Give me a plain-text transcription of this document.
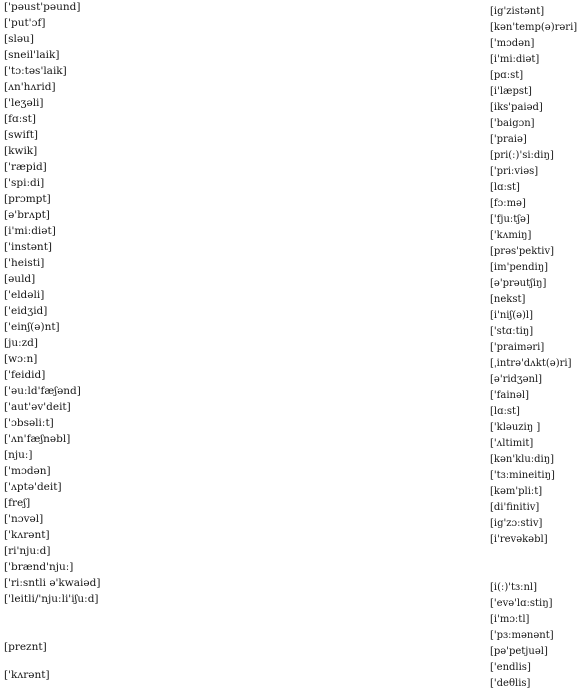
['pəust'pəund]
['put'ɔf]
[sləu]
[sneil'laik]
['tɔːtəs'laik]
[ʌn'hʌrid]
['leʒəli]
[fɑːst]
[swift]
[kwik]
['ræpid]
['spiːdi]
[prɔmpt]
[ə'brʌpt]
[i'miːdiət]
['instənt]
['heisti]
[əuld]
['eldəli]
['eidʒid]
['einʃ(ə)nt]
[juːzd]
[wɔːn]
['feidid]
['əuːld'fæʃənd]
['aut'əv'deit]
['ɔbsəliːt]
['ʌn'fæʃnəbl]
[njuː]
['mɔdən]
['ʌptə'deit]
[freʃ]
['nɔvəl]
['kʌrənt]
[ri'njuːd]
['brænd'njuː]
['riːsntli ə'kwaiəd]
['leitli/'njuːli'iʃuːd]
[preznt]
['kʌrənt]
[ig'zistənt]
[kən'temp(ə)rəri]
['mɔdən]
[i'miːdiət]
[pɑːst]
[i'læpst]
[iks'paiəd]
['baigɔn]
['praiə]
[pri(ː)'siːdiŋ]
['priːviəs]
[lɑːst]
[fɔːmə]
['fjuːtʃə]
['kʌmiŋ]
[prəs'pektiv]
[im'pendiŋ]
[ə'prəutʃiŋ]
[nekst]
[i'niʃ(ə)l]
['stɑːtiŋ]
['praiməri]
[ˌintrə'dʌkt(ə)ri]
[ə'ridʒənl]
['fainəl]
[lɑːst]
['kləuziŋ ]
['ʌltimit]
[kən'kluːdiŋ]
['tɜːmineitiŋ]
[kəm'pliːt]
[di'finitiv]
[ig'zɔːstiv]
[i'revəkəbl]
[i(ː)'tɜːnl]
['evə'lɑːstiŋ]
[i'mɔːtl]
['pɜːmənənt]
[pə'petjuəl]
['endlis]
['deθlis]
